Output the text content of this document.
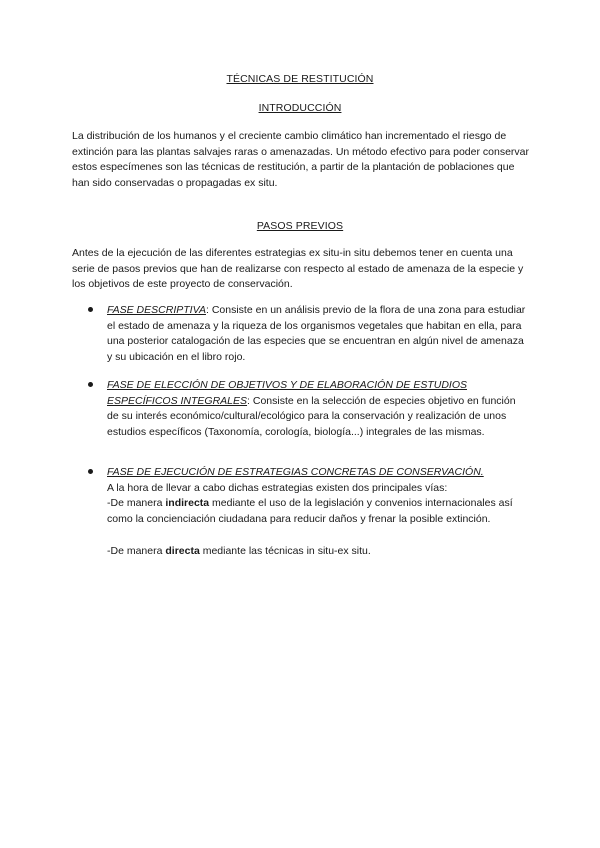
TÉCNICAS DE RESTITUCIÓN
INTRODUCCIÓN

La distribución de los humanos y el creciente cambio climático han incrementado el riesgo de extinción para las plantas salvajes raras o amenazadas. Un método efectivo para poder conservar estos especímenes son las técnicas de restitución, a partir de la plantación de poblaciones que han sido conservadas o propagadas ex situ.

PASOS PREVIOS

Antes de la ejecución de las diferentes estrategias ex situ-in situ debemos tener en cuenta una serie de pasos previos que han de realizarse con respecto al estado de amenaza de la especie y los objetivos de este proyecto de conservación.

FASE DESCRIPTIVA: Consiste en un análisis previo de la flora de una zona para estudiar el estado de amenaza y la riqueza de los organismos vegetales que habitan en ella, para una posterior catalogación de las especies que se encuentran en algún nivel de amenaza y su ubicación en el libro rojo.
FASE DE ELECCIÓN DE OBJETIVOS Y DE ELABORACIÓN DE ESTUDIOS ESPECÍFICOS INTEGRALES: Consiste en la selección de especies objetivo en función de su interés económico/cultural/ecológico para la conservación y realización de unos estudios específicos (Taxonomía, corología, biología...) integrales de las mismas.
FASE DE EJECUCIÓN DE ESTRATEGIAS CONCRETAS DE CONSERVACIÓN.
A la hora de llevar a cabo dichas estrategias existen dos principales vías:
-De manera indirecta mediante el uso de la legislación y convenios internacionales así como la concienciación ciudadana para reducir daños y frenar la posible extinción.
-De manera directa mediante las técnicas in situ-ex situ.
